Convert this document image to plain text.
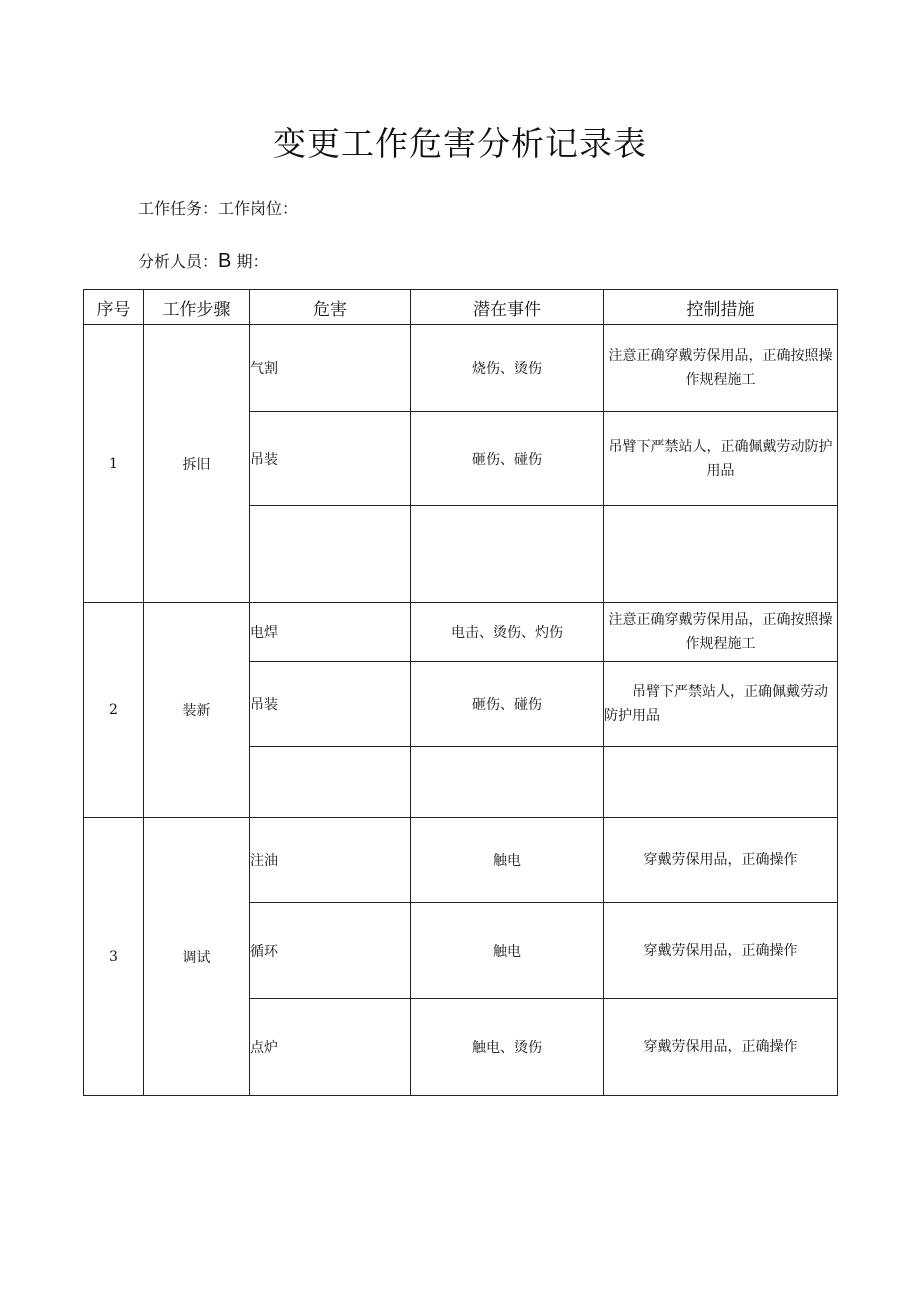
变更工作危害分析记录表
工作任务：工作岗位：
分析人员：B 期：
序号	工作步骤	危害	潜在事件	控制措施
1	拆旧	气割	烧伤、烫伤	注意正确穿戴劳保用品，正确按照操作规程施工
		吊装	砸伤、碰伤	吊臂下严禁站人，正确佩戴劳动防护用品

2	装新	电焊	电击、烫伤、灼伤	注意正确穿戴劳保用品，正确按照操作规程施工
		吊装	砸伤、碰伤	吊臂下严禁站人，正确佩戴劳动防护用品

3	调试	注油	触电	穿戴劳保用品，正确操作
		循环	触电	穿戴劳保用品，正确操作
		点炉	触电、烫伤	穿戴劳保用品，正确操作
